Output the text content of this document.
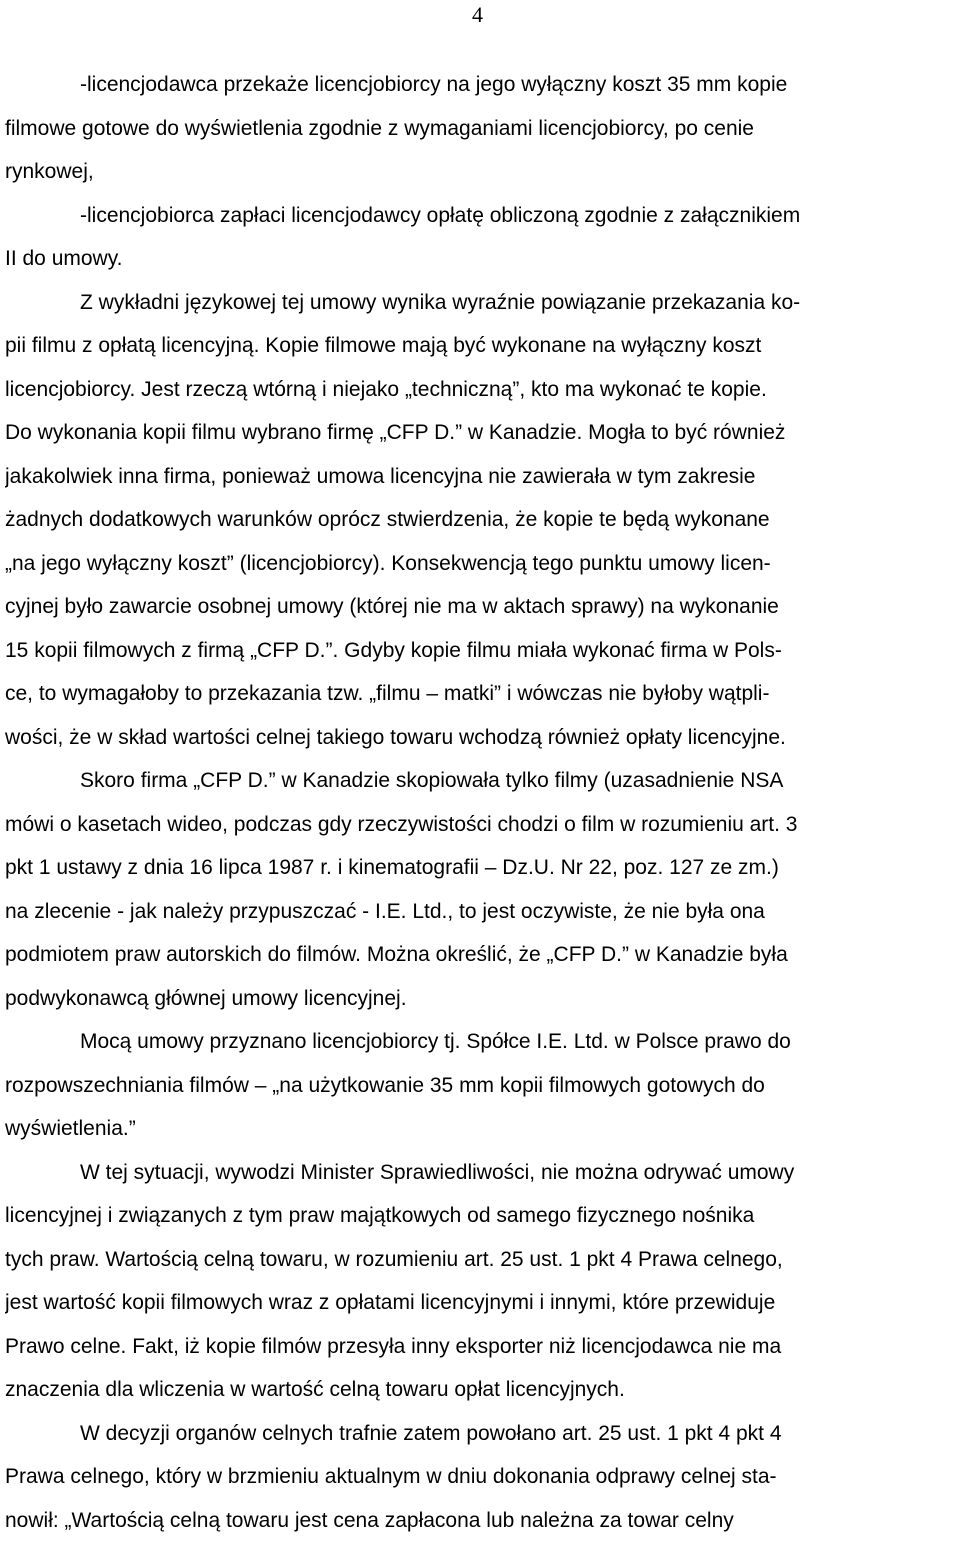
4
-licencjodawca przekaże licencjobiorcy na jego wyłączny koszt 35 mm kopie
filmowe gotowe do wyświetlenia zgodnie z wymaganiami licencjobiorcy, po cenie
rynkowej,
-licencjobiorca zapłaci licencjodawcy opłatę obliczoną zgodnie z załącznikiem
II do umowy.
Z wykładni językowej tej umowy wynika wyraźnie powiązanie przekazania ko-
pii filmu z opłatą licencyjną. Kopie filmowe mają być wykonane na wyłączny koszt
licencjobiorcy. Jest rzeczą wtórną i niejako „techniczną”, kto ma wykonać te kopie.
Do wykonania kopii filmu wybrano firmę „CFP D.” w Kanadzie. Mogła to być również
jakakolwiek inna firma, ponieważ umowa licencyjna nie zawierała w tym zakresie
żadnych dodatkowych warunków oprócz stwierdzenia, że kopie te będą wykonane
„na jego wyłączny koszt” (licencjobiorcy). Konsekwencją tego punktu umowy licen-
cyjnej było zawarcie osobnej umowy (której nie ma w aktach sprawy) na wykonanie
15 kopii filmowych z firmą „CFP D.”. Gdyby kopie filmu miała wykonać firma w Pols-
ce, to wymagałoby to przekazania tzw. „filmu – matki” i wówczas nie byłoby wątpli-
wości, że w skład wartości celnej takiego towaru wchodzą również opłaty licencyjne.
Skoro firma „CFP D.” w Kanadzie skopiowała tylko filmy (uzasadnienie NSA
mówi o kasetach wideo, podczas gdy rzeczywistości chodzi o film w rozumieniu art. 3
pkt 1 ustawy z dnia 16 lipca 1987 r. i kinematografii – Dz.U. Nr 22, poz. 127 ze zm.)
na zlecenie - jak należy przypuszczać - I.E. Ltd., to jest oczywiste, że nie była ona
podmiotem praw autorskich do filmów. Można określić, że „CFP D.” w Kanadzie była
podwykonawcą głównej umowy licencyjnej.
Mocą umowy przyznano licencjobiorcy tj. Spółce I.E. Ltd. w Polsce prawo do
rozpowszechniania filmów – „na użytkowanie 35 mm kopii filmowych gotowych do
wyświetlenia.”
W tej sytuacji, wywodzi Minister Sprawiedliwości, nie można odrywać umowy
licencyjnej i związanych z tym praw majątkowych od samego fizycznego nośnika
tych praw. Wartością celną towaru, w rozumieniu art. 25 ust. 1 pkt 4 Prawa celnego,
jest wartość kopii filmowych wraz z opłatami licencyjnymi i innymi, które przewiduje
Prawo celne. Fakt, iż kopie filmów przesyła inny eksporter niż licencjodawca nie ma
znaczenia dla wliczenia w wartość celną towaru opłat licencyjnych.
W decyzji organów celnych trafnie zatem powołano art. 25 ust. 1 pkt 4 pkt 4
Prawa celnego, który w brzmieniu aktualnym w dniu dokonania odprawy celnej sta-
nowił: „Wartością celną towaru jest cena zapłacona lub należna za towar celny
